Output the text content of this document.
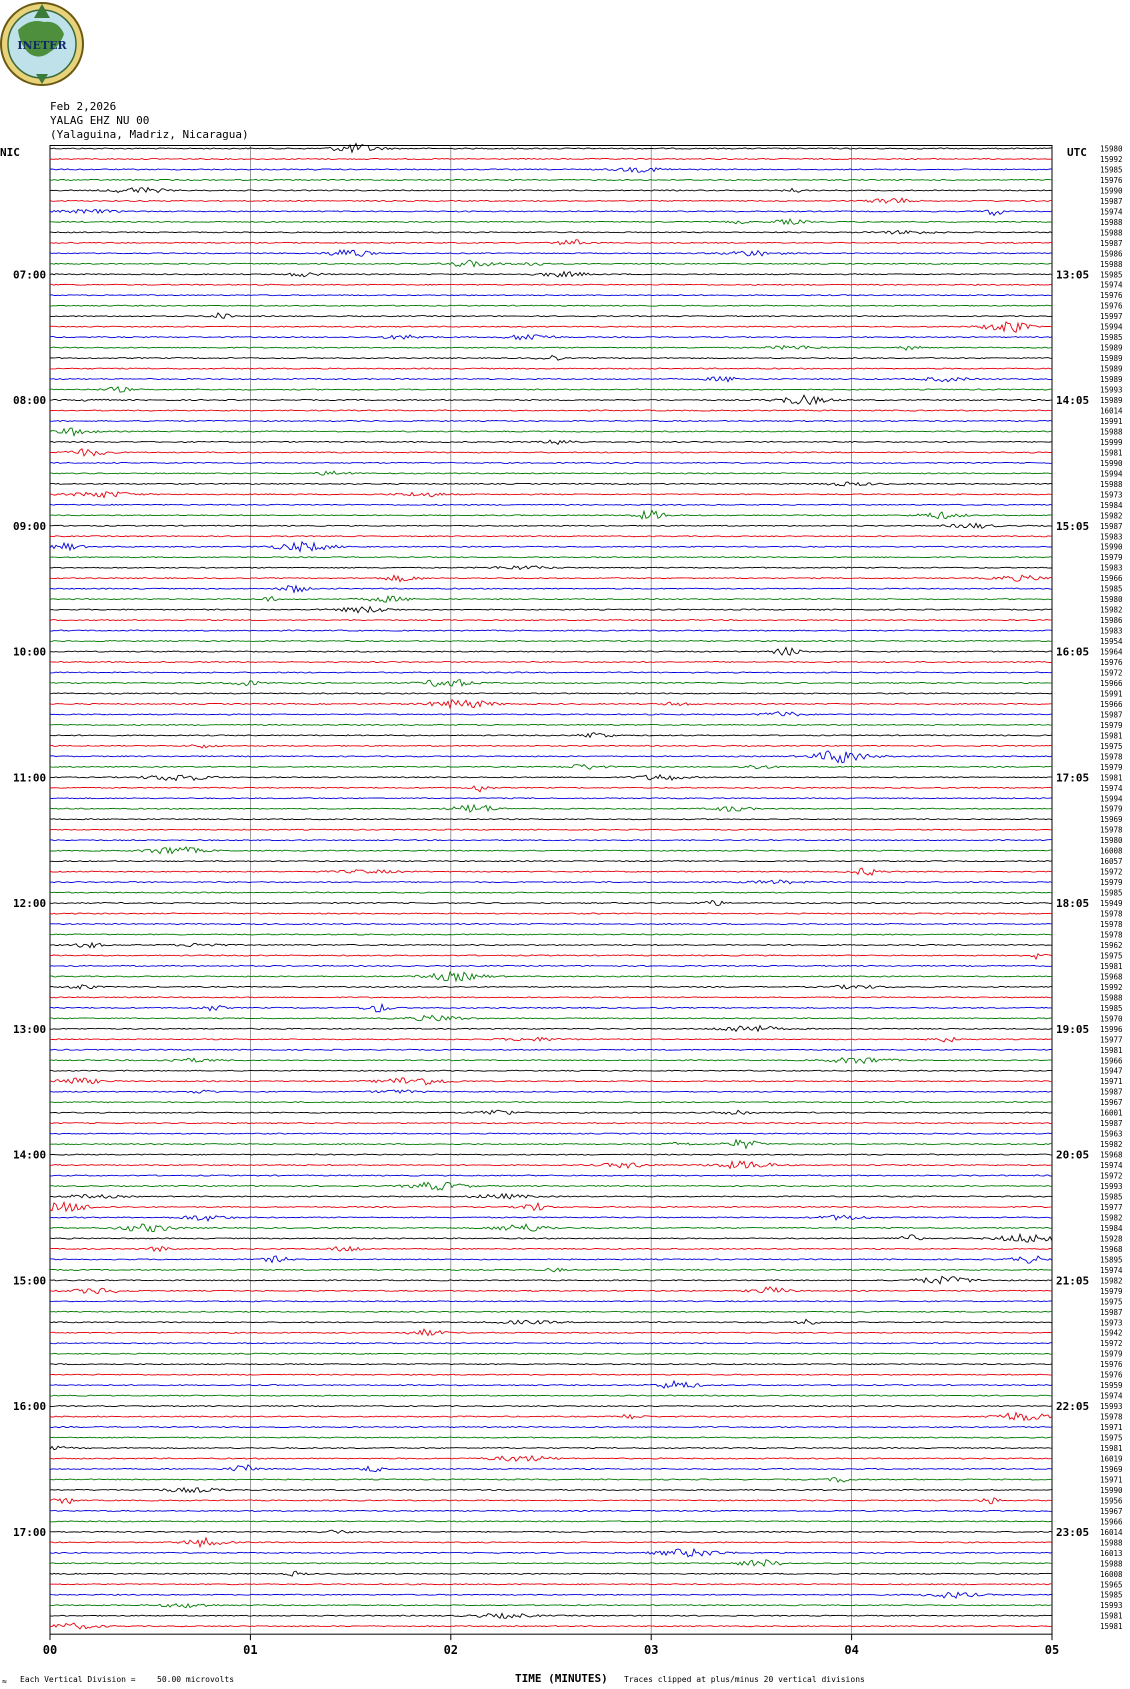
INETER
Feb 2,2026
YALAG EHZ NU 00
(Yalaguina, Madriz, Nicaragua)
NIC	UTC
00	01	02	03	04	05
15980
15992
15985
15976
15990
15987
15974
15988
15988
15987
15986
15988
15985
15974
15976
15976
15997
15994
15985
15989
15989
15989
15989
15993
15989
16014
15991
15988
15999
15981
15990
15994
15988
15973
15984
15982
15987
15983
15990
15979
15983
15966
15985
15980
15982
15986
15983
15954
15964
15976
15972
15966
15991
15966
15987
15979
15981
15975
15978
15979
15981
15974
15994
15979
15969
15978
15980
16008
16057
15972
15979
15985
15949
15978
15978
15978
15962
15975
15981
15968
15992
15988
15985
15970
15996
15977
15981
15966
15947
15971
15987
15967
16001
15987
15963
15982
15968
15974
15972
15993
15985
15977
15982
15984
15928
15968
15895
15974
15982
15979
15975
15987
15973
15942
15972
15979
15976
15976
15959
15974
15993
15978
15971
15975
15981
16019
15969
15971
15990
15956
15967
15966
16014
15988
16013
15988
16008
15965
15985
15993
15981
15981
07:00	13:05
08:00	14:05
09:00	15:05
10:00	16:05
11:00	17:05
12:00	18:05
13:00	19:05
14:00	20:05
15:00	21:05
16:00	22:05
17:00	23:05
≈ Each Vertical Division =	50.00 microvolts	TIME (MINUTES) Traces clipped at plus/minus 20 vertical divisions
